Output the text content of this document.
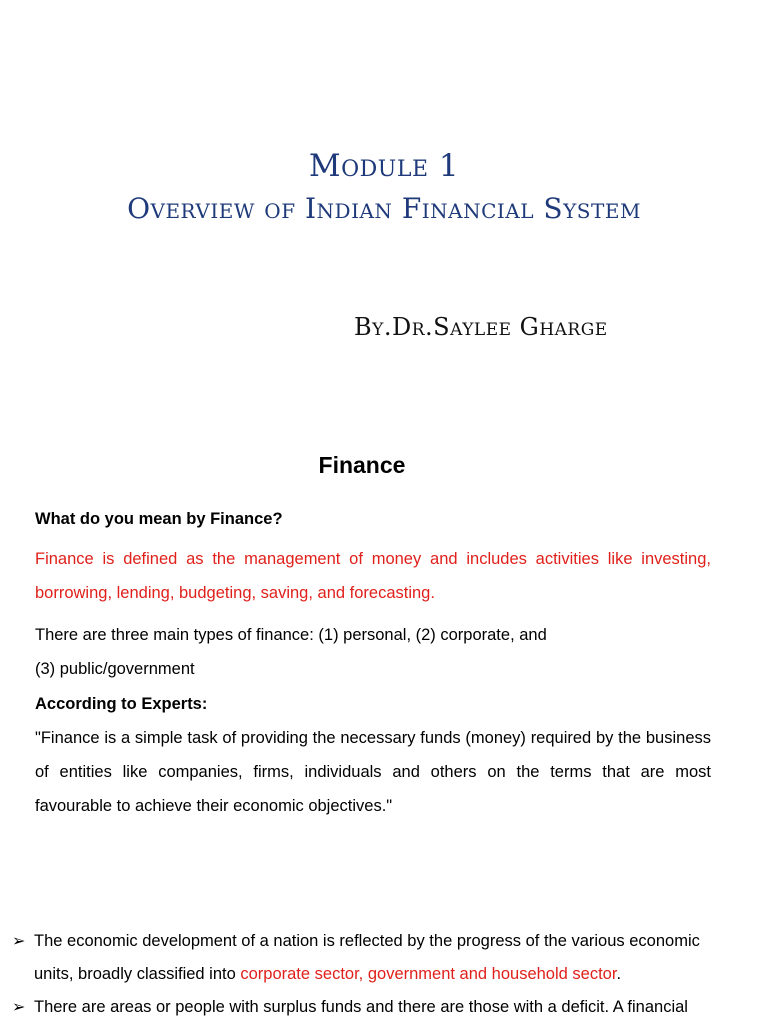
Module 1
Overview of Indian Financial System
By.Dr.Saylee Gharge
Finance
What do you mean by Finance?
Finance is defined as the management of money and includes activities like investing, borrowing, lending, budgeting, saving, and forecasting.
There are three main types of finance: (1) personal, (2) corporate, and
(3) public/government
According to Experts:
"Finance is a simple task of providing the necessary funds (money) required by the business of entities like companies, firms, individuals and others on the terms that are most favourable to achieve their economic objectives."
➢ The economic development of a nation is reflected by the progress of the various economic units, broadly classified into corporate sector, government and household sector.
➢ There are areas or people with surplus funds and there are those with a deficit. A financial
